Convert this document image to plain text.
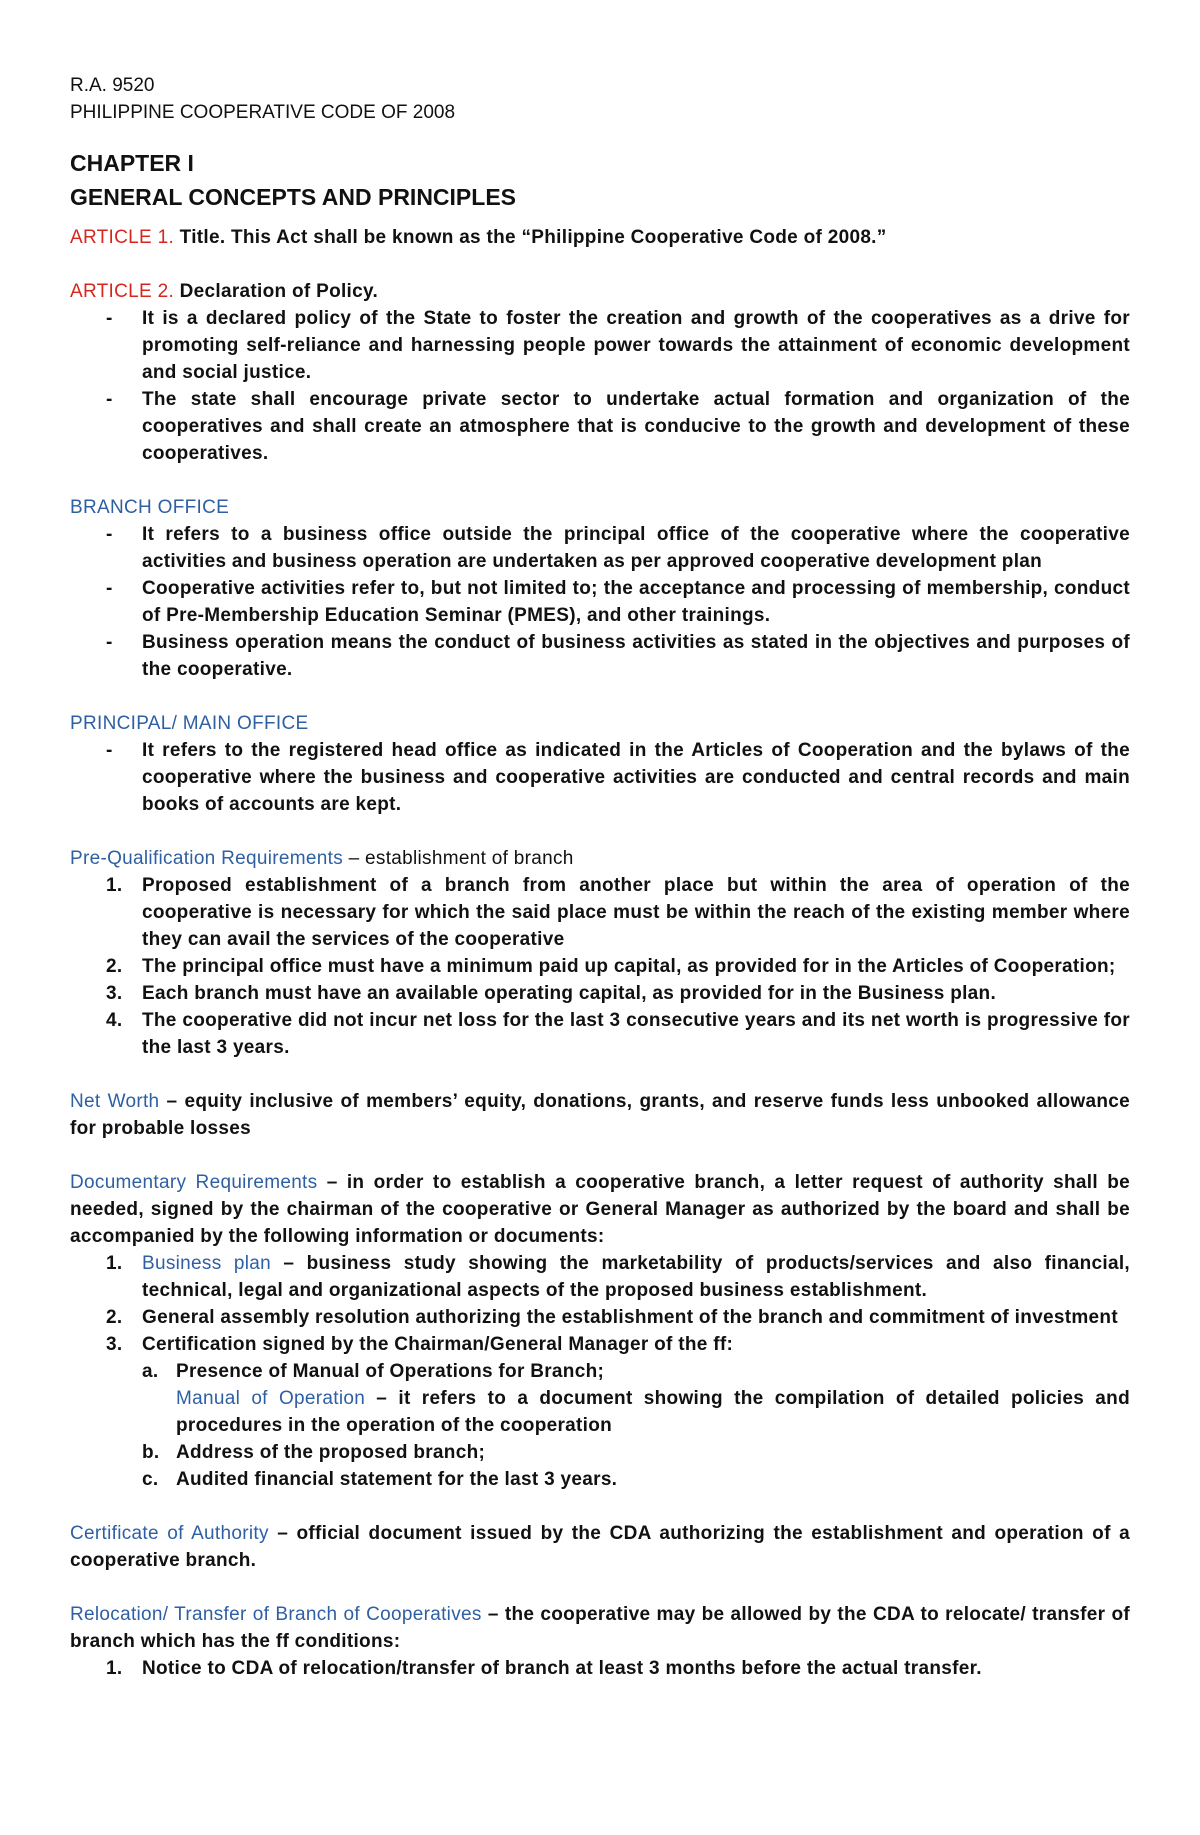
R.A. 9520
PHILIPPINE COOPERATIVE CODE OF 2008
CHAPTER I
GENERAL CONCEPTS AND PRINCIPLES
ARTICLE 1. Title. This Act shall be known as the “Philippine Cooperative Code of 2008.”
ARTICLE 2. Declaration of Policy.
- It is a declared policy of the State to foster the creation and growth of the cooperatives as a drive for promoting self-reliance and harnessing people power towards the attainment of economic development and social justice.
- The state shall encourage private sector to undertake actual formation and organization of the cooperatives and shall create an atmosphere that is conducive to the growth and development of these cooperatives.
BRANCH OFFICE
- It refers to a business office outside the principal office of the cooperative where the cooperative activities and business operation are undertaken as per approved cooperative development plan
- Cooperative activities refer to, but not limited to; the acceptance and processing of membership, conduct of Pre-Membership Education Seminar (PMES), and other trainings.
- Business operation means the conduct of business activities as stated in the objectives and purposes of the cooperative.
PRINCIPAL/ MAIN OFFICE
- It refers to the registered head office as indicated in the Articles of Cooperation and the bylaws of the cooperative where the business and cooperative activities are conducted and central records and main books of accounts are kept.
Pre-Qualification Requirements – establishment of branch
1. Proposed establishment of a branch from another place but within the area of operation of the cooperative is necessary for which the said place must be within the reach of the existing member where they can avail the services of the cooperative
2. The principal office must have a minimum paid up capital, as provided for in the Articles of Cooperation;
3. Each branch must have an available operating capital, as provided for in the Business plan.
4. The cooperative did not incur net loss for the last 3 consecutive years and its net worth is progressive for the last 3 years.
Net Worth – equity inclusive of members’ equity, donations, grants, and reserve funds less unbooked allowance for probable losses
Documentary Requirements – in order to establish a cooperative branch, a letter request of authority shall be needed, signed by the chairman of the cooperative or General Manager as authorized by the board and shall be accompanied by the following information or documents:
1. Business plan – business study showing the marketability of products/services and also financial, technical, legal and organizational aspects of the proposed business establishment.
2. General assembly resolution authorizing the establishment of the branch and commitment of investment
3. Certification signed by the Chairman/General Manager of the ff:
a. Presence of Manual of Operations for Branch;
Manual of Operation – it refers to a document showing the compilation of detailed policies and procedures in the operation of the cooperation
b. Address of the proposed branch;
c. Audited financial statement for the last 3 years.
Certificate of Authority – official document issued by the CDA authorizing the establishment and operation of a cooperative branch.
Relocation/ Transfer of Branch of Cooperatives – the cooperative may be allowed by the CDA to relocate/ transfer of branch which has the ff conditions:
1. Notice to CDA of relocation/transfer of branch at least 3 months before the actual transfer.
